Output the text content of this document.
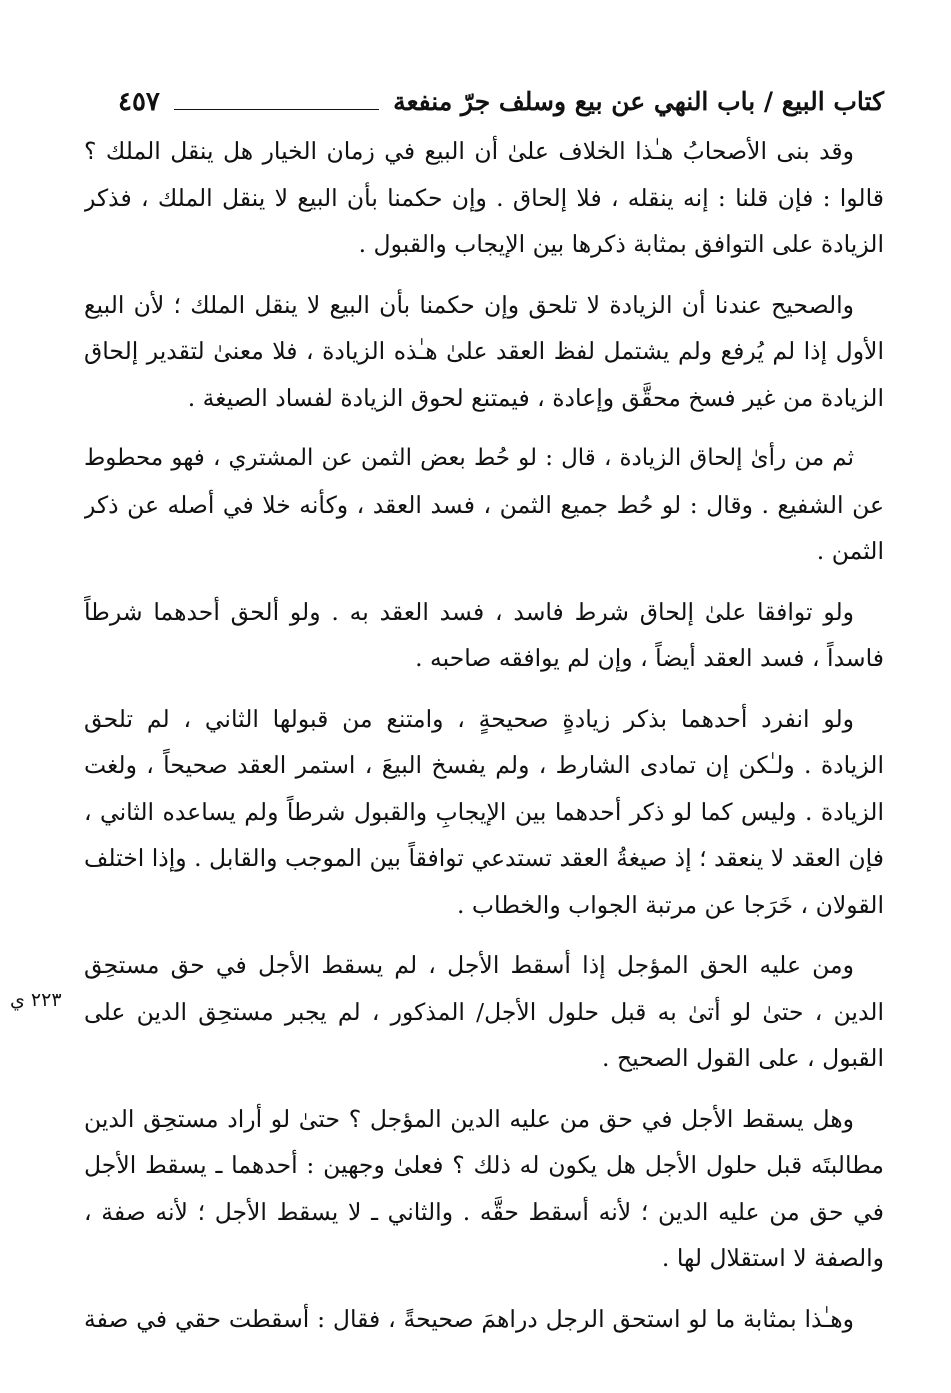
كتاب البيع / باب النهي عن بيع وسلف جرّ منفعة
٤٥٧

وقد بنى الأصحابُ هـٰذا الخلاف علىٰ أن البيع في زمان الخيار هل ينقل الملك ؟
قالوا : فإن قلنا : إنه ينقله ، فلا إلحاق . وإن حكمنا بأن البيع لا ينقل الملك ، فذكر
الزيادة على التوافق بمثابة ذكرها بين الإيجاب والقبول .

والصحيح عندنا أن الزيادة لا تلحق وإن حكمنا بأن البيع لا ينقل الملك ؛ لأن البيع
الأول إذا لم يُرفع ولم يشتمل لفظ العقد علىٰ هـٰذه الزيادة ، فلا معنىٰ لتقدير إلحاق
الزيادة من غير فسخ محقَّق وإعادة ، فيمتنع لحوق الزيادة لفساد الصيغة .

ثم من رأىٰ إلحاق الزيادة ، قال : لو حُط بعض الثمن عن المشتري ، فهو محطوط
عن الشفيع . وقال : لو حُط جميع الثمن ، فسد العقد ، وكأنه خلا في أصله عن ذكر
الثمن .

ولو توافقا علىٰ إلحاق شرط فاسد ، فسد العقد به . ولو ألحق أحدهما شرطاً
فاسداً ، فسد العقد أيضاً ، وإن لم يوافقه صاحبه .

ولو انفرد أحدهما بذكر زيادةٍ صحيحةٍ ، وامتنع من قبولها الثاني ، لم تلحق
الزيادة . ولـٰكن إن تمادى الشارط ، ولم يفسخ البيعَ ، استمر العقد صحيحاً ، ولغت
الزيادة . وليس كما لو ذكر أحدهما بين الإيجابِ والقبول شرطاً ولم يساعده الثاني ،
فإن العقد لا ينعقد ؛ إذ صيغةُ العقد تستدعي توافقاً بين الموجب والقابل . وإذا اختلف
القولان ، خَرَجا عن مرتبة الجواب والخطاب .

ومن عليه الحق المؤجل إذا أسقط الأجل ، لم يسقط الأجل في حق مستحِق
الدين ، حتىٰ لو أتىٰ به قبل حلول الأجل/ المذكور ، لم يجبر مستحِق الدين على
القبول ، على القول الصحيح .

وهل يسقط الأجل في حق من عليه الدين المؤجل ؟ حتىٰ لو أراد مستحِق الدين
مطالبتَه قبل حلول الأجل هل يكون له ذلك ؟ فعلىٰ وجهين : أحدهما ـ يسقط الأجل
في حق من عليه الدين ؛ لأنه أسقط حقَّه . والثاني ـ لا يسقط الأجل ؛ لأنه صفة ،
والصفة لا استقلال لها .

وهـٰذا بمثابة ما لو استحق الرجل دراهمَ صحيحةً ، فقال : أسقطت حقي في صفة

٢٢٣ ي
